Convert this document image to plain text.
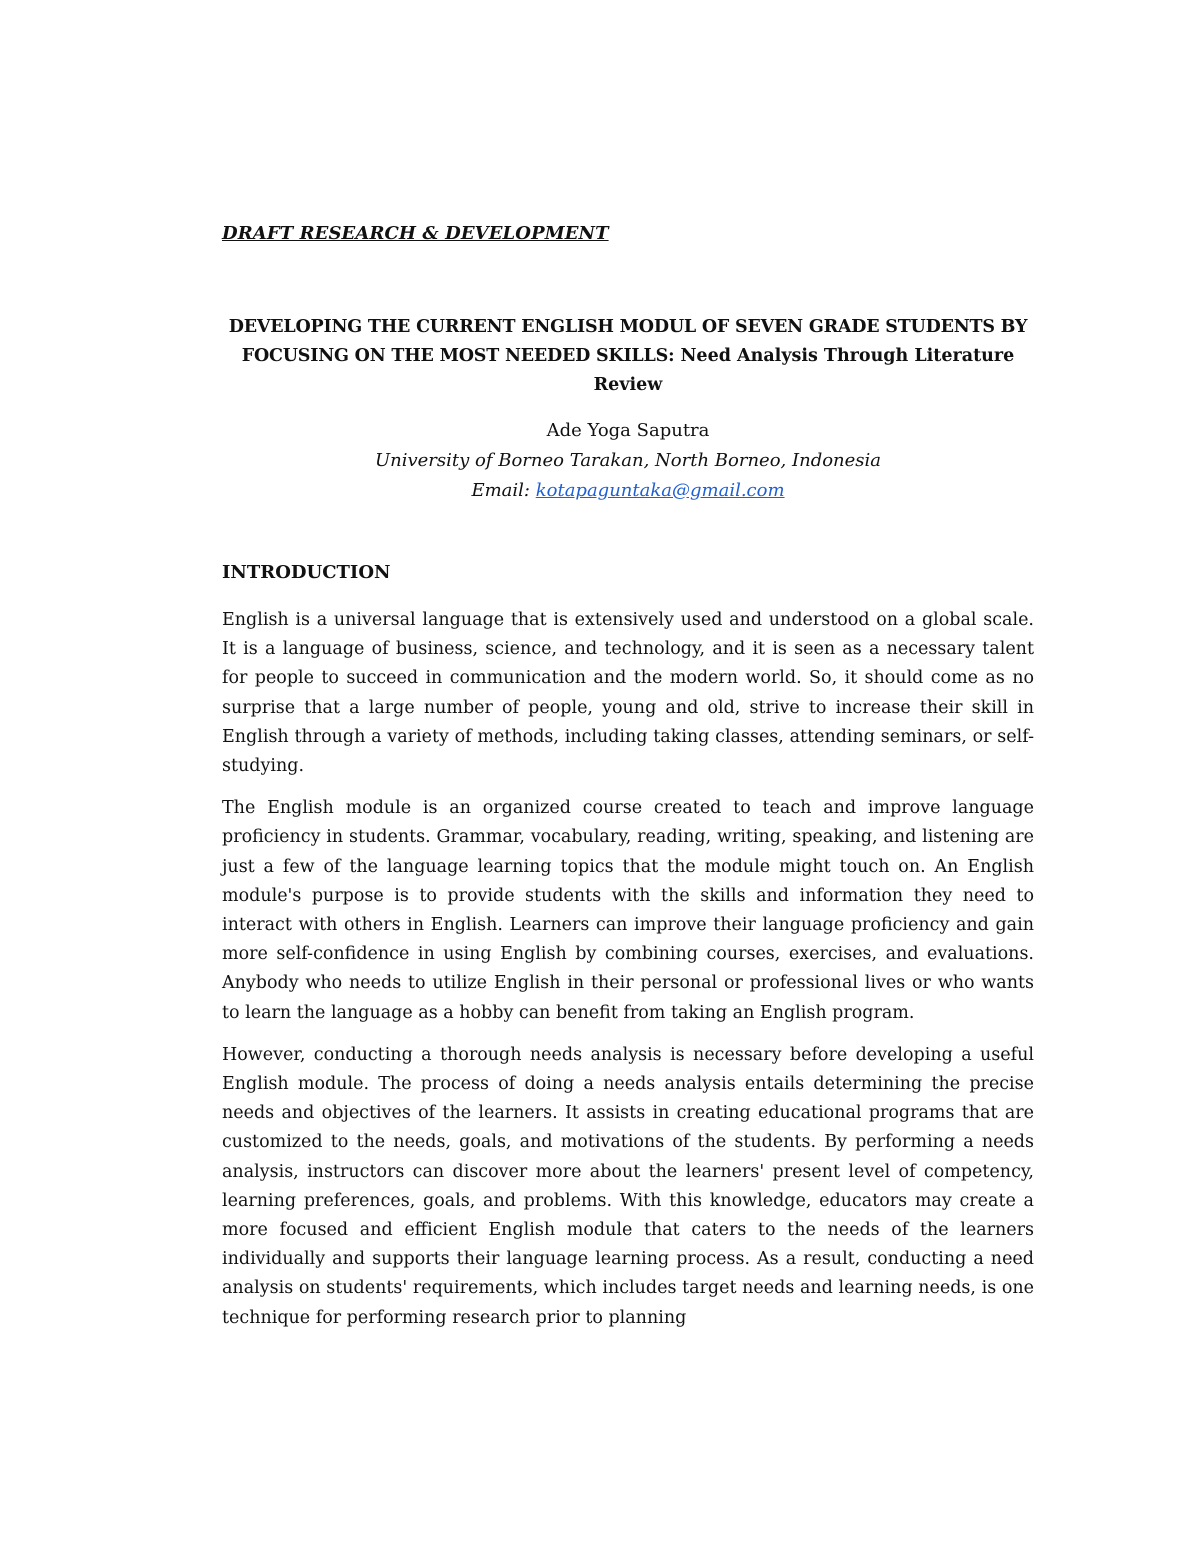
DRAFT RESEARCH & DEVELOPMENT

DEVELOPING THE CURRENT ENGLISH MODUL OF SEVEN GRADE STUDENTS BY FOCUSING ON THE MOST NEEDED SKILLS: Need Analysis Through Literature Review
Ade Yoga Saputra
University of Borneo Tarakan, North Borneo, Indonesia
Email: kotapaguntaka@gmail.com
INTRODUCTION

English is a universal language that is extensively used and understood on a global scale. It is a language of business, science, and technology, and it is seen as a necessary talent for people to succeed in communication and the modern world. So, it should come as no surprise that a large number of people, young and old, strive to increase their skill in English through a variety of methods, including taking classes, attending seminars, or self-studying.

The English module is an organized course created to teach and improve language proficiency in students. Grammar, vocabulary, reading, writing, speaking, and listening are just a few of the language learning topics that the module might touch on. An English module's purpose is to provide students with the skills and information they need to interact with others in English. Learners can improve their language proficiency and gain more self-confidence in using English by combining courses, exercises, and evaluations. Anybody who needs to utilize English in their personal or professional lives or who wants to learn the language as a hobby can benefit from taking an English program.

However, conducting a thorough needs analysis is necessary before developing a useful English module. The process of doing a needs analysis entails determining the precise needs and objectives of the learners. It assists in creating educational programs that are customized to the needs, goals, and motivations of the students. By performing a needs analysis, instructors can discover more about the learners' present level of competency, learning preferences, goals, and problems. With this knowledge, educators may create a more focused and efficient English module that caters to the needs of the learners individually and supports their language learning process. As a result, conducting a need analysis on students' requirements, which includes target needs and learning needs, is one technique for performing research prior to planning
